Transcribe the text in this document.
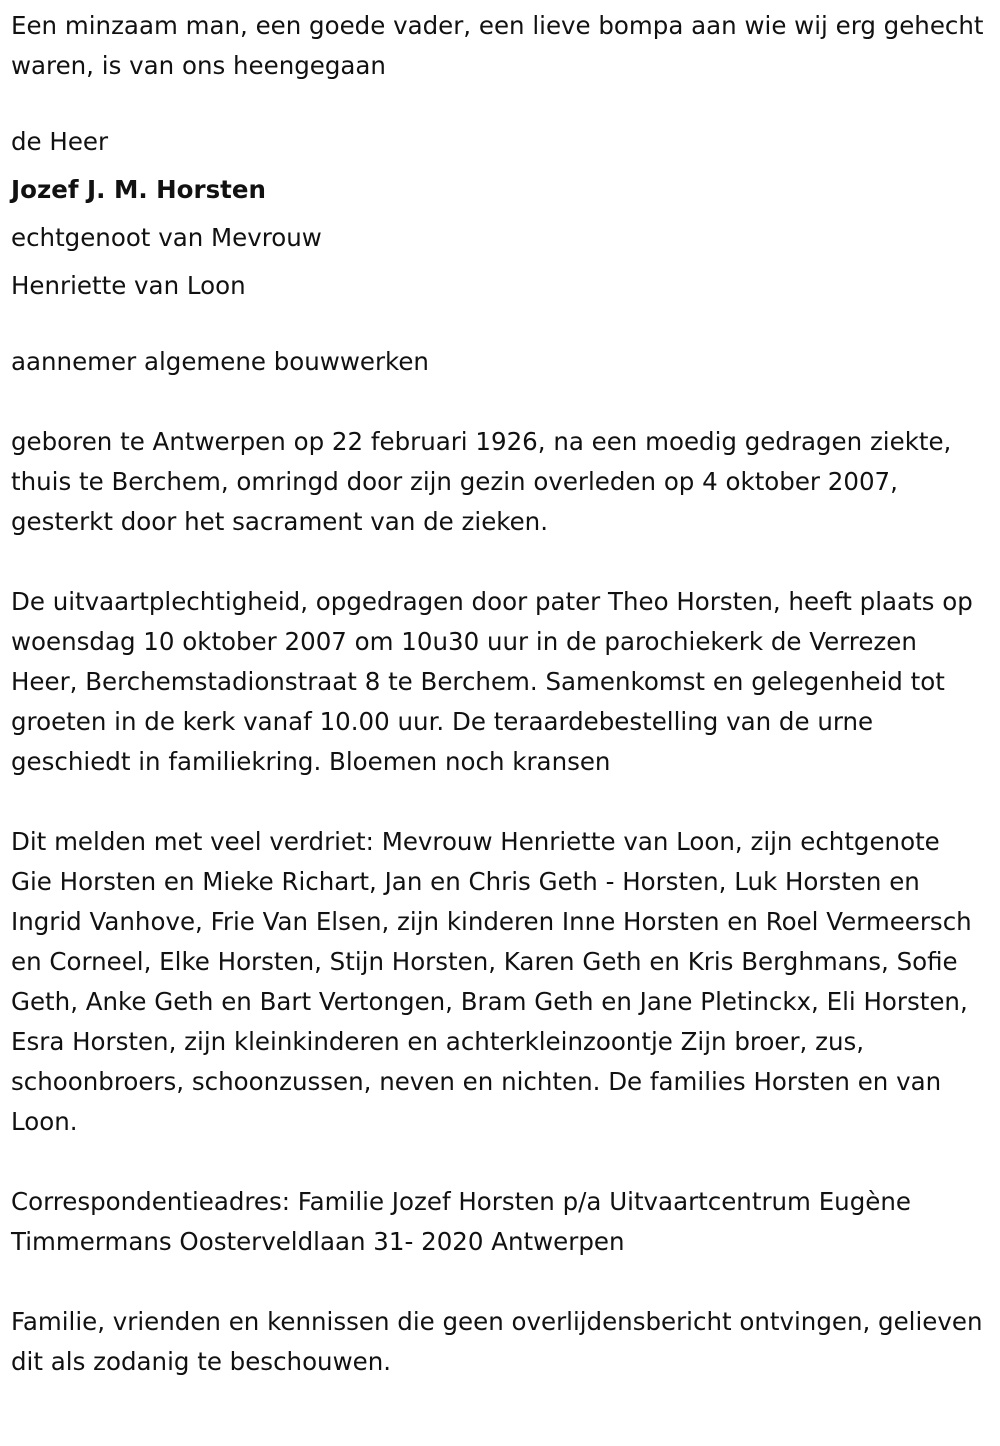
Een minzaam man, een goede vader, een lieve bompa aan wie wij erg gehecht waren, is van ons heengegaan

de Heer

Jozef J. M. Horsten

echtgenoot van Mevrouw

Henriette van Loon

aannemer algemene bouwwerken

geboren te Antwerpen op 22 februari 1926, na een moedig gedragen ziekte, thuis te Berchem, omringd door zijn gezin overleden op 4 oktober 2007, gesterkt door het sacrament van de zieken.

De uitvaartplechtigheid, opgedragen door pater Theo Horsten, heeft plaats op woensdag 10 oktober 2007 om 10u30 uur in de parochiekerk de Verrezen Heer, Berchemstadionstraat 8 te Berchem. Samenkomst en gelegenheid tot groeten in de kerk vanaf 10.00 uur. De teraardebestelling van de urne geschiedt in familiekring. Bloemen noch kransen

Dit melden met veel verdriet: Mevrouw Henriette van Loon, zijn echtgenote Gie Horsten en Mieke Richart, Jan en Chris Geth - Horsten, Luk Horsten en Ingrid Vanhove, Frie Van Elsen, zijn kinderen Inne Horsten en Roel Vermeersch en Corneel, Elke Horsten, Stijn Horsten, Karen Geth en Kris Berghmans, Sofie Geth, Anke Geth en Bart Vertongen, Bram Geth en Jane Pletinckx, Eli Horsten, Esra Horsten, zijn kleinkinderen en achterkleinzoontje Zijn broer, zus, schoonbroers, schoonzussen, neven en nichten. De families Horsten en van Loon.

Correspondentieadres: Familie Jozef Horsten p/a Uitvaartcentrum Eugène Timmermans Oosterveldlaan 31- 2020 Antwerpen

Familie, vrienden en kennissen die geen overlijdensbericht ontvingen, gelieven dit als zodanig te beschouwen.
